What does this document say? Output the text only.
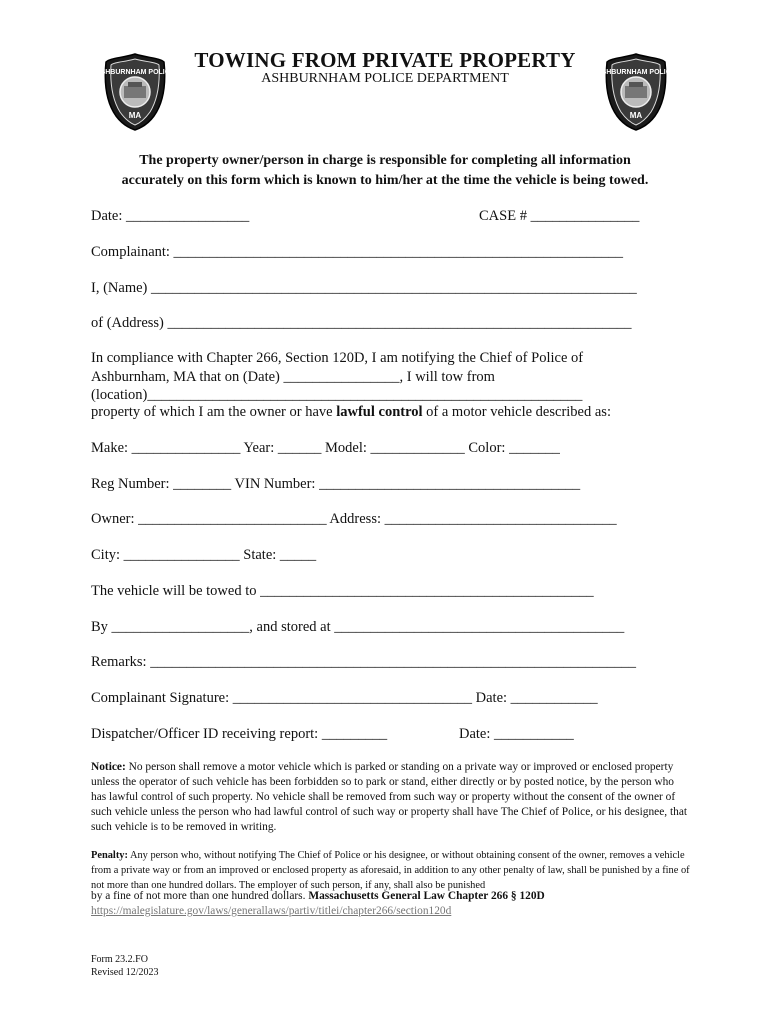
ASHBURNHAM POLICE
MA
ASHBURNHAM POLICE
MA
TOWING FROM PRIVATE PROPERTY
ASHBURNHAM POLICE DEPARTMENT
The property owner/person in charge is responsible for completing all information
accurately on this form which is known to him/her at the time the vehicle is being towed.
Date: _________________	CASE # _______________
Complainant: ______________________________________________________________
I, (Name) ___________________________________________________________________
of (Address) ________________________________________________________________
In compliance with Chapter 266, Section 120D, I am notifying the Chief of Police of
Ashburnham, MA that on (Date) ________________, I will tow from
(location)____________________________________________________________
property of which I am the owner or have lawful control of a motor vehicle described as:
Make: _______________ Year: ______ Model: _____________ Color: _______
Reg Number: ________ VIN Number: ____________________________________
Owner: __________________________ Address: ________________________________
City: ________________ State: _____
The vehicle will be towed to ______________________________________________
By ___________________, and stored at ________________________________________
Remarks: ___________________________________________________________________
Complainant Signature: _________________________________ Date: ____________
Dispatcher/Officer ID receiving report: _________	Date: ___________
Notice: No person shall remove a motor vehicle which is parked or standing on a private way or improved or enclosed property unless the operator of such vehicle has been forbidden so to park or stand, either directly or by posted notice, by the person who has lawful control of such property. No vehicle shall be removed from such way or property without the consent of the owner of such vehicle unless the person who had lawful control of such way or property shall have The Chief of Police, or his designee, that such vehicle is to be removed in writing.
Penalty: Any person who, without notifying The Chief of Police or his designee, or without obtaining consent of the owner, removes a vehicle from a private way or from an improved or enclosed property as aforesaid, in addition to any other penalty of law, shall be punished by a fine of not more than one hundred dollars. The employer of such person, if any, shall also be punished
by a fine of not more than one hundred dollars. Massachusetts General Law Chapter 266 § 120D
https://malegislature.gov/laws/generallaws/partiv/titlei/chapter266/section120d
Form 23.2.FO
Revised 12/2023
